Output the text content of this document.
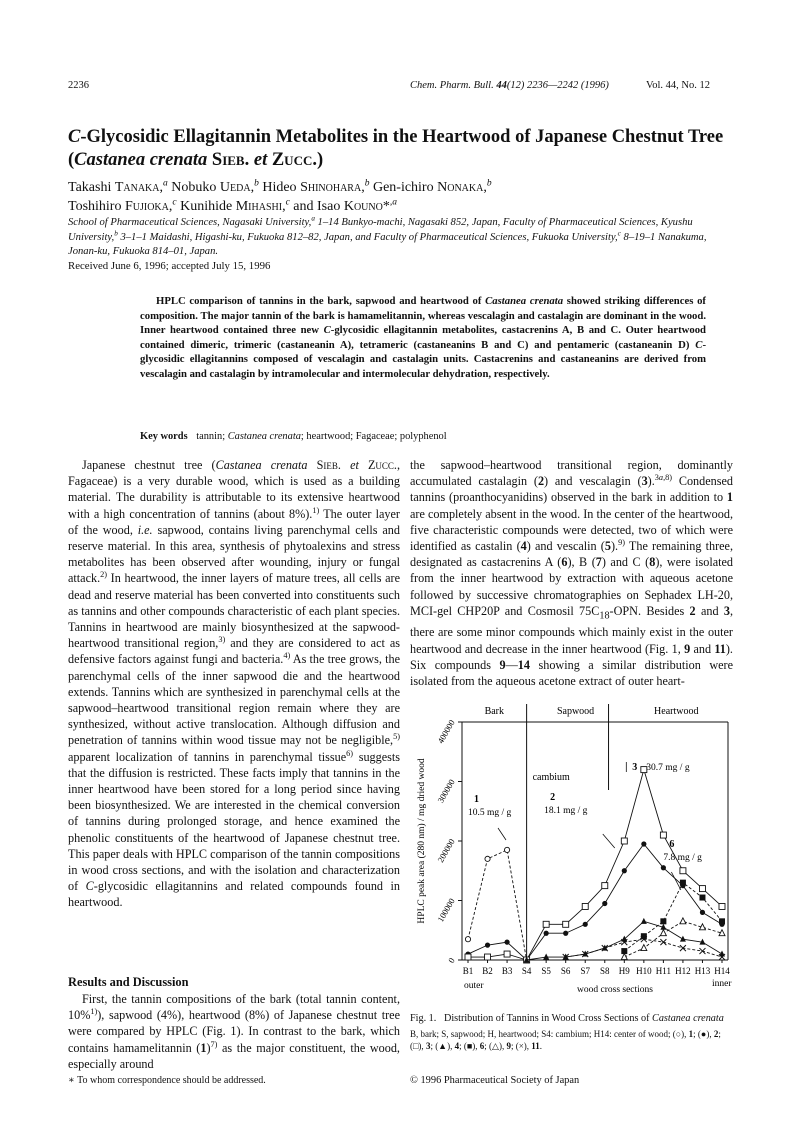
2236	Chem. Pharm. Bull. 44(12) 2236—2242 (1996)	Vol. 44, No. 12
C-Glycosidic Ellagitannin Metabolites in the Heartwood of Japanese Chestnut Tree (Castanea crenata Sieb. et Zucc.)
Takashi Tanaka,$^a$ Nobuko Ueda,$^b$ Hideo Shinohara,$^b$ Gen-ichiro Nonaka,$^b$
Toshihiro Fujioka,$^c$ Kunihide Mihashi,$^c$ and Isao Kouno*$^{,a}$
School of Pharmaceutical Sciences, Nagasaki University,$^a$ 1–14 Bunkyo-machi, Nagasaki 852, Japan, Faculty of Pharmaceutical Sciences, Kyushu University,$^b$ 3–1–1 Maidashi, Higashi-ku, Fukuoka 812–82, Japan, and Faculty of Pharmaceutical Sciences, Fukuoka University,$^c$ 8–19–1 Nanakuma, Jonan-ku, Fukuoka 814–01, Japan.
Received June 6, 1996; accepted July 15, 1996
HPLC comparison of tannins in the bark, sapwood and heartwood of Castanea crenata showed striking differences of composition. The major tannin of the bark is hamamelitannin, whereas vescalagin and castalagin are dominant in the wood. Inner heartwood contained three new C-glycosidic ellagitannin metabolites, castacrenins A, B and C. Outer heartwood contained dimeric, trimeric (castaneanin A), tetrameric (castaneanins B and C) and pentameric (castaneanin D) C-glycosidic ellagitannins composed of vescalagin and castalagin units. Castacrenins and castaneanins are derived from vescalagin and castalagin by intramolecular and intermolecular dehydration, respectively.
Key words tannin; Castanea crenata; heartwood; Fagaceae; polyphenol

Japanese chestnut tree (Castanea crenata Sieb. et Zucc., Fagaceae) is a very durable wood, which is used as a building material. The durability is attributable to its extensive heartwood with a high concentration of tannins (about 8%).$^{1)}$ The outer layer of the wood, i.e. sapwood, contains living parenchymal cells and reserve material. In this area, synthesis of phytoalexins and stress metabolites has been observed after wounding, injury or fungal attack.$^{2)}$ In heartwood, the inner layers of mature trees, all cells are dead and reserve material has been converted into constituents such as tannins and other compounds characteristic of each plant species. Tannins in heartwood are mainly biosynthesized at the sapwood-heartwood transitional region,$^{3)}$ and they are considered to act as defensive factors against fungi and bacteria.$^{4)}$ As the tree grows, the parenchymal cells of the inner sapwood die and the heartwood extends. Tannins which are synthesized in parenchymal cells at the sapwood–heartwood transitional region remain where they are synthesized, without active translocation. Although diffusion and penetration of tannins within wood tissue may not be negligible,$^{5)}$ apparent localization of tannins in parenchymal tissue$^{6)}$ suggests that the diffusion is restricted. These facts imply that tannins in the inner heartwood have been stored for a long period since having been biosynthesized. We are interested in the chemical conversion of tannins during prolonged storage, and hence examined the phenolic constituents of the heartwood of Japanese chestnut tree. This paper deals with HPLC comparison of the tannin compositions in wood cross sections, and with the isolation and characterization of C-glycosidic ellagitannins and related compounds found in heartwood.

Results and Discussion

First, the tannin compositions of the bark (total tannin content, 10%$^{1)}$), sapwood (4%), heartwood (8%) of Japanese chestnut tree were compared by HPLC (Fig. 1). In contrast to the bark, which contains hamamelitannin $(1)^{7)}$ as the major constituent, the wood, especially around

the sapwood–heartwood transitional region, dominantly accumulated castalagin (2) and vescalagin (3).$^{3a,8)}$ Condensed tannins (proanthocyanidins) observed in the bark in addition to 1 are completely absent in the wood. In the center of the heartwood, five characteristic compounds were detected, two of which were identified as castalin (4) and vescalin (5).$^{9)}$ The remaining three, designated as castacrenins A (6), B (7) and C (8), were isolated from the inner heartwood by extraction with aqueous acetone followed by successive chromatographies on Sephadex LH-20, MCI-gel CHP20P and Cosmosil $75C_{18}$-OPN. Besides 2 and 3, there are some minor compounds which mainly exist in the outer heartwood and decrease in the inner heartwood (Fig. 1, 9 and 11). Six compounds 9—14 showing a similar distribution were isolated from the aqueous acetone extract of outer heart-

Bark	Sapwood	Heartwood
cambium
0
100000
200000
300000
400000
HPLC peak area (280 nm) / mg dried wood
B1 B2 B3 S4 S5 S6 S7 S8 H9 H10 H11 H12 H13 H14
outer	inner
wood cross sections
1
10.5 mg / g
2
18.1 mg / g
3 30.7 mg / g
6
7.8 mg / g
Fig. 1.   Distribution of Tannins in Wood Cross Sections of Castanea crenata
B, bark; S, sapwood; H, heartwood; S4: cambium; H14: center of wood; (○), 1; (●), 2; (□), 3; (▲), 4; (■), 6; (△), 9; (×), 11.
∗ To whom correspondence should be addressed.	© 1996 Pharmaceutical Society of Japan
